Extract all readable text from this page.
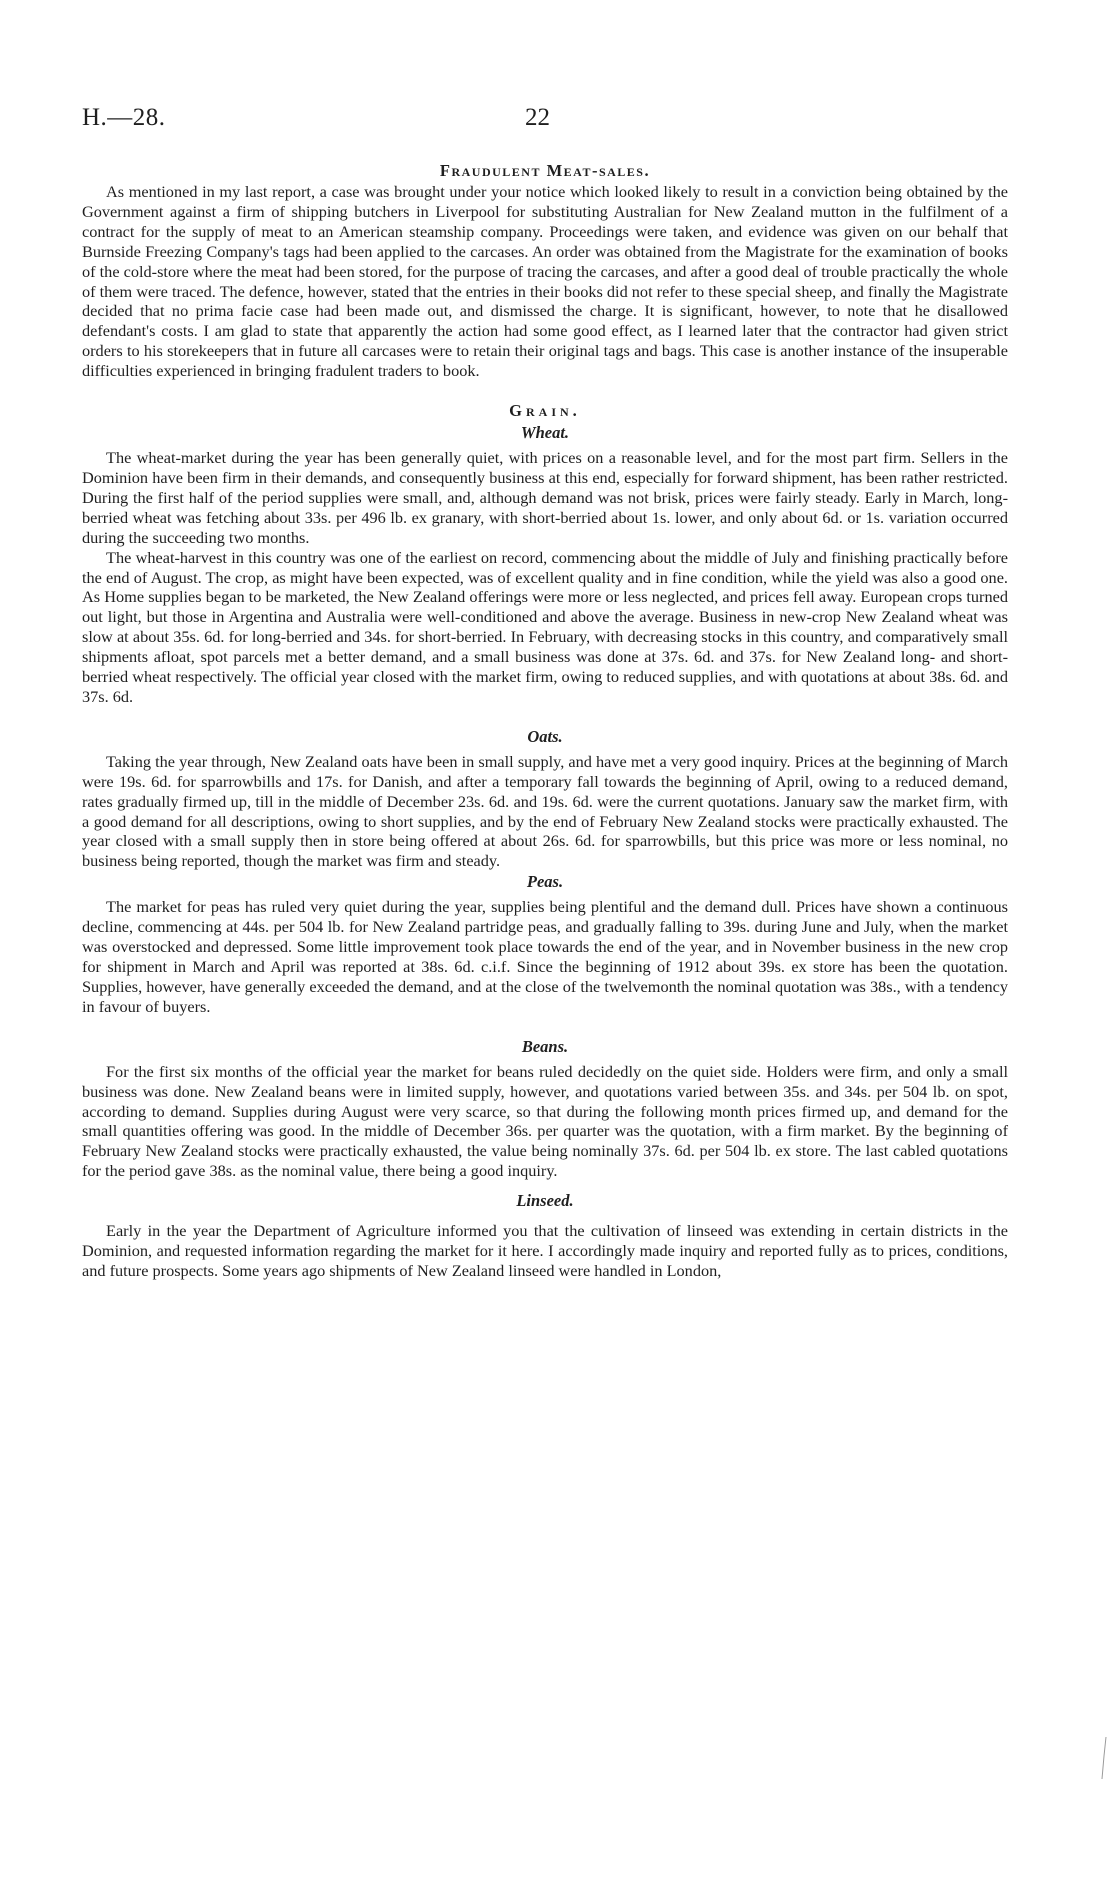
H.—28.	22
Fraudulent Meat-sales.

As mentioned in my last report, a case was brought under your notice which looked likely to result in a conviction being obtained by the Government against a firm of shipping butchers in Liverpool for substituting Australian for New Zealand mutton in the fulfilment of a contract for the supply of meat to an American steamship company. Proceedings were taken, and evidence was given on our behalf that Burnside Freezing Company's tags had been applied to the carcases. An order was obtained from the Magistrate for the examination of books of the cold-store where the meat had been stored, for the purpose of tracing the carcases, and after a good deal of trouble practically the whole of them were traced. The defence, however, stated that the entries in their books did not refer to these special sheep, and finally the Magistrate decided that no prima facie case had been made out, and dismissed the charge. It is significant, however, to note that he disallowed defendant's costs. I am glad to state that apparently the action had some good effect, as I learned later that the contractor had given strict orders to his storekeepers that in future all carcases were to retain their original tags and bags. This case is another instance of the insuperable difficulties experienced in bringing fradulent traders to book.

Grain.
Wheat.

The wheat-market during the year has been generally quiet, with prices on a reasonable level, and for the most part firm. Sellers in the Dominion have been firm in their demands, and consequently business at this end, especially for forward shipment, has been rather restricted. During the first half of the period supplies were small, and, although demand was not brisk, prices were fairly steady. Early in March, long-berried wheat was fetching about 33s. per 496 lb. ex granary, with short-berried about 1s. lower, and only about 6d. or 1s. variation occurred during the succeeding two months.

The wheat-harvest in this country was one of the earliest on record, commencing about the middle of July and finishing practically before the end of August. The crop, as might have been expected, was of excellent quality and in fine condition, while the yield was also a good one. As Home supplies began to be marketed, the New Zealand offerings were more or less neglected, and prices fell away. European crops turned out light, but those in Argentina and Australia were well-conditioned and above the average. Business in new-crop New Zealand wheat was slow at about 35s. 6d. for long-berried and 34s. for short-berried. In February, with decreasing stocks in this country, and comparatively small shipments afloat, spot parcels met a better demand, and a small business was done at 37s. 6d. and 37s. for New Zealand long- and short-berried wheat respectively. The official year closed with the market firm, owing to reduced supplies, and with quotations at about 38s. 6d. and 37s. 6d.

Oats.

Taking the year through, New Zealand oats have been in small supply, and have met a very good inquiry. Prices at the beginning of March were 19s. 6d. for sparrowbills and 17s. for Danish, and after a temporary fall towards the beginning of April, owing to a reduced demand, rates gradually firmed up, till in the middle of December 23s. 6d. and 19s. 6d. were the current quotations. January saw the market firm, with a good demand for all descriptions, owing to short supplies, and by the end of February New Zealand stocks were practically exhausted. The year closed with a small supply then in store being offered at about 26s. 6d. for sparrowbills, but this price was more or less nominal, no business being reported, though the market was firm and steady.

Peas.

The market for peas has ruled very quiet during the year, supplies being plentiful and the demand dull. Prices have shown a continuous decline, commencing at 44s. per 504 lb. for New Zealand partridge peas, and gradually falling to 39s. during June and July, when the market was overstocked and depressed. Some little improvement took place towards the end of the year, and in November business in the new crop for shipment in March and April was reported at 38s. 6d. c.i.f. Since the beginning of 1912 about 39s. ex store has been the quotation. Supplies, however, have generally exceeded the demand, and at the close of the twelvemonth the nominal quotation was 38s., with a tendency in favour of buyers.

Beans.

For the first six months of the official year the market for beans ruled decidedly on the quiet side. Holders were firm, and only a small business was done. New Zealand beans were in limited supply, however, and quotations varied between 35s. and 34s. per 504 lb. on spot, according to demand. Supplies during August were very scarce, so that during the following month prices firmed up, and demand for the small quantities offering was good. In the middle of December 36s. per quarter was the quotation, with a firm market. By the beginning of February New Zealand stocks were practically exhausted, the value being nominally 37s. 6d. per 504 lb. ex store. The last cabled quotations for the period gave 38s. as the nominal value, there being a good inquiry.

Linseed.

Early in the year the Department of Agriculture informed you that the cultivation of linseed was extending in certain districts in the Dominion, and requested information regarding the market for it here. I accordingly made inquiry and reported fully as to prices, conditions, and future prospects. Some years ago shipments of New Zealand linseed were handled in London,
